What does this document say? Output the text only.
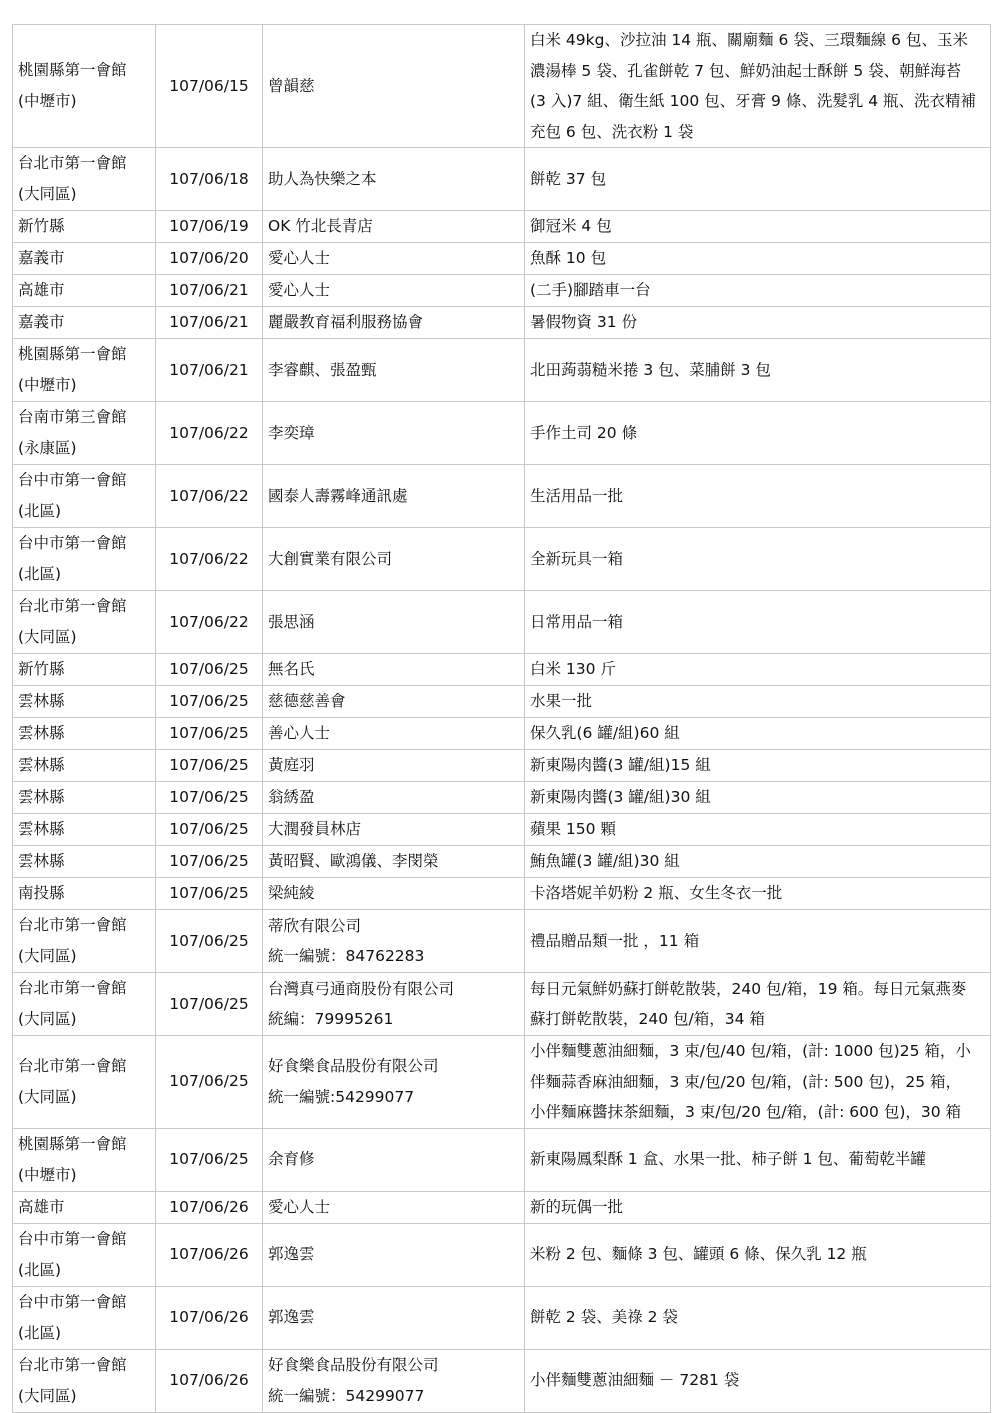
桃園縣第一會館
(中壢市)	107/06/15	曾韻慈	白米 49kg、沙拉油 14 瓶、關廟麵 6 袋、三環麵線 6 包、玉米
濃湯棒 5 袋、孔雀餅乾 7 包、鮮奶油起士酥餅 5 袋、朝鮮海苔
(3 入)7 組、衛生紙 100 包、牙膏 9 條、洗髮乳 4 瓶、洗衣精補
充包 6 包、洗衣粉 1 袋

台北市第一會館
(大同區)	107/06/18	助人為快樂之本	餅乾 37 包

新竹縣	107/06/19	OK 竹北長青店	御冠米 4 包

嘉義市	107/06/20	愛心人士	魚酥 10 包

高雄市	107/06/21	愛心人士	(二手)腳踏車一台

嘉義市	107/06/21	麗嚴教育福利服務協會	暑假物資 31 份

桃園縣第一會館
(中壢市)	107/06/21	李睿麒、張盈甄	北田蒟蒻糙米捲 3 包、菜脯餅 3 包

台南市第三會館
(永康區)	107/06/22	李奕璋	手作土司 20 條

台中市第一會館
(北區)	107/06/22	國泰人壽霧峰通訊處	生活用品一批

台中市第一會館
(北區)	107/06/22	大創實業有限公司	全新玩具一箱

台北市第一會館
(大同區)	107/06/22	張思涵	日常用品一箱

新竹縣	107/06/25	無名氏	白米 130 斤

雲林縣	107/06/25	慈德慈善會	水果一批

雲林縣	107/06/25	善心人士	保久乳(6 罐/組)60 組

雲林縣	107/06/25	黃庭羽	新東陽肉醬(3 罐/組)15 組

雲林縣	107/06/25	翁綉盈	新東陽肉醬(3 罐/組)30 組

雲林縣	107/06/25	大潤發員林店	蘋果 150 顆

雲林縣	107/06/25	黃昭賢、歐鴻儀、李閔榮	鮪魚罐(3 罐/組)30 組

南投縣	107/06/25	梁純綾	卡洛塔妮羊奶粉 2 瓶、女生冬衣一批

台北市第一會館
(大同區)	107/06/25	蒂欣有限公司
統一編號：84762283	禮品贈品類一批 ，11 箱

台北市第一會館
(大同區)	107/06/25	台灣真弓通商股份有限公司
統編：79995261	每日元氣鮮奶蘇打餅乾散裝，240 包/箱，19 箱。每日元氣燕麥
蘇打餅乾散裝，240 包/箱，34 箱

台北市第一會館
(大同區)	107/06/25	好食樂食品股份有限公司
統一編號:54299077	小伴麵雙蔥油細麵，3 束/包/40 包/箱，(計: 1000 包)25 箱，小
伴麵蒜香麻油細麵，3 束/包/20 包/箱，(計: 500 包)，25 箱，
小伴麵麻醬抹茶細麵，3 束/包/20 包/箱，(計: 600 包)，30 箱

桃園縣第一會館
(中壢市)	107/06/25	余育修	新東陽鳳梨酥 1 盒、水果一批、柿子餅 1 包、葡萄乾半罐

高雄市	107/06/26	愛心人士	新的玩偶一批

台中市第一會館
(北區)	107/06/26	郭逸雲	米粉 2 包、麵條 3 包、罐頭 6 條、保久乳 12 瓶

台中市第一會館
(北區)	107/06/26	郭逸雲	餅乾 2 袋、美祿 2 袋

台北市第一會館
(大同區)	107/06/26	好食樂食品股份有限公司
統一編號：54299077	小伴麵雙蔥油細麵 － 7281 袋
